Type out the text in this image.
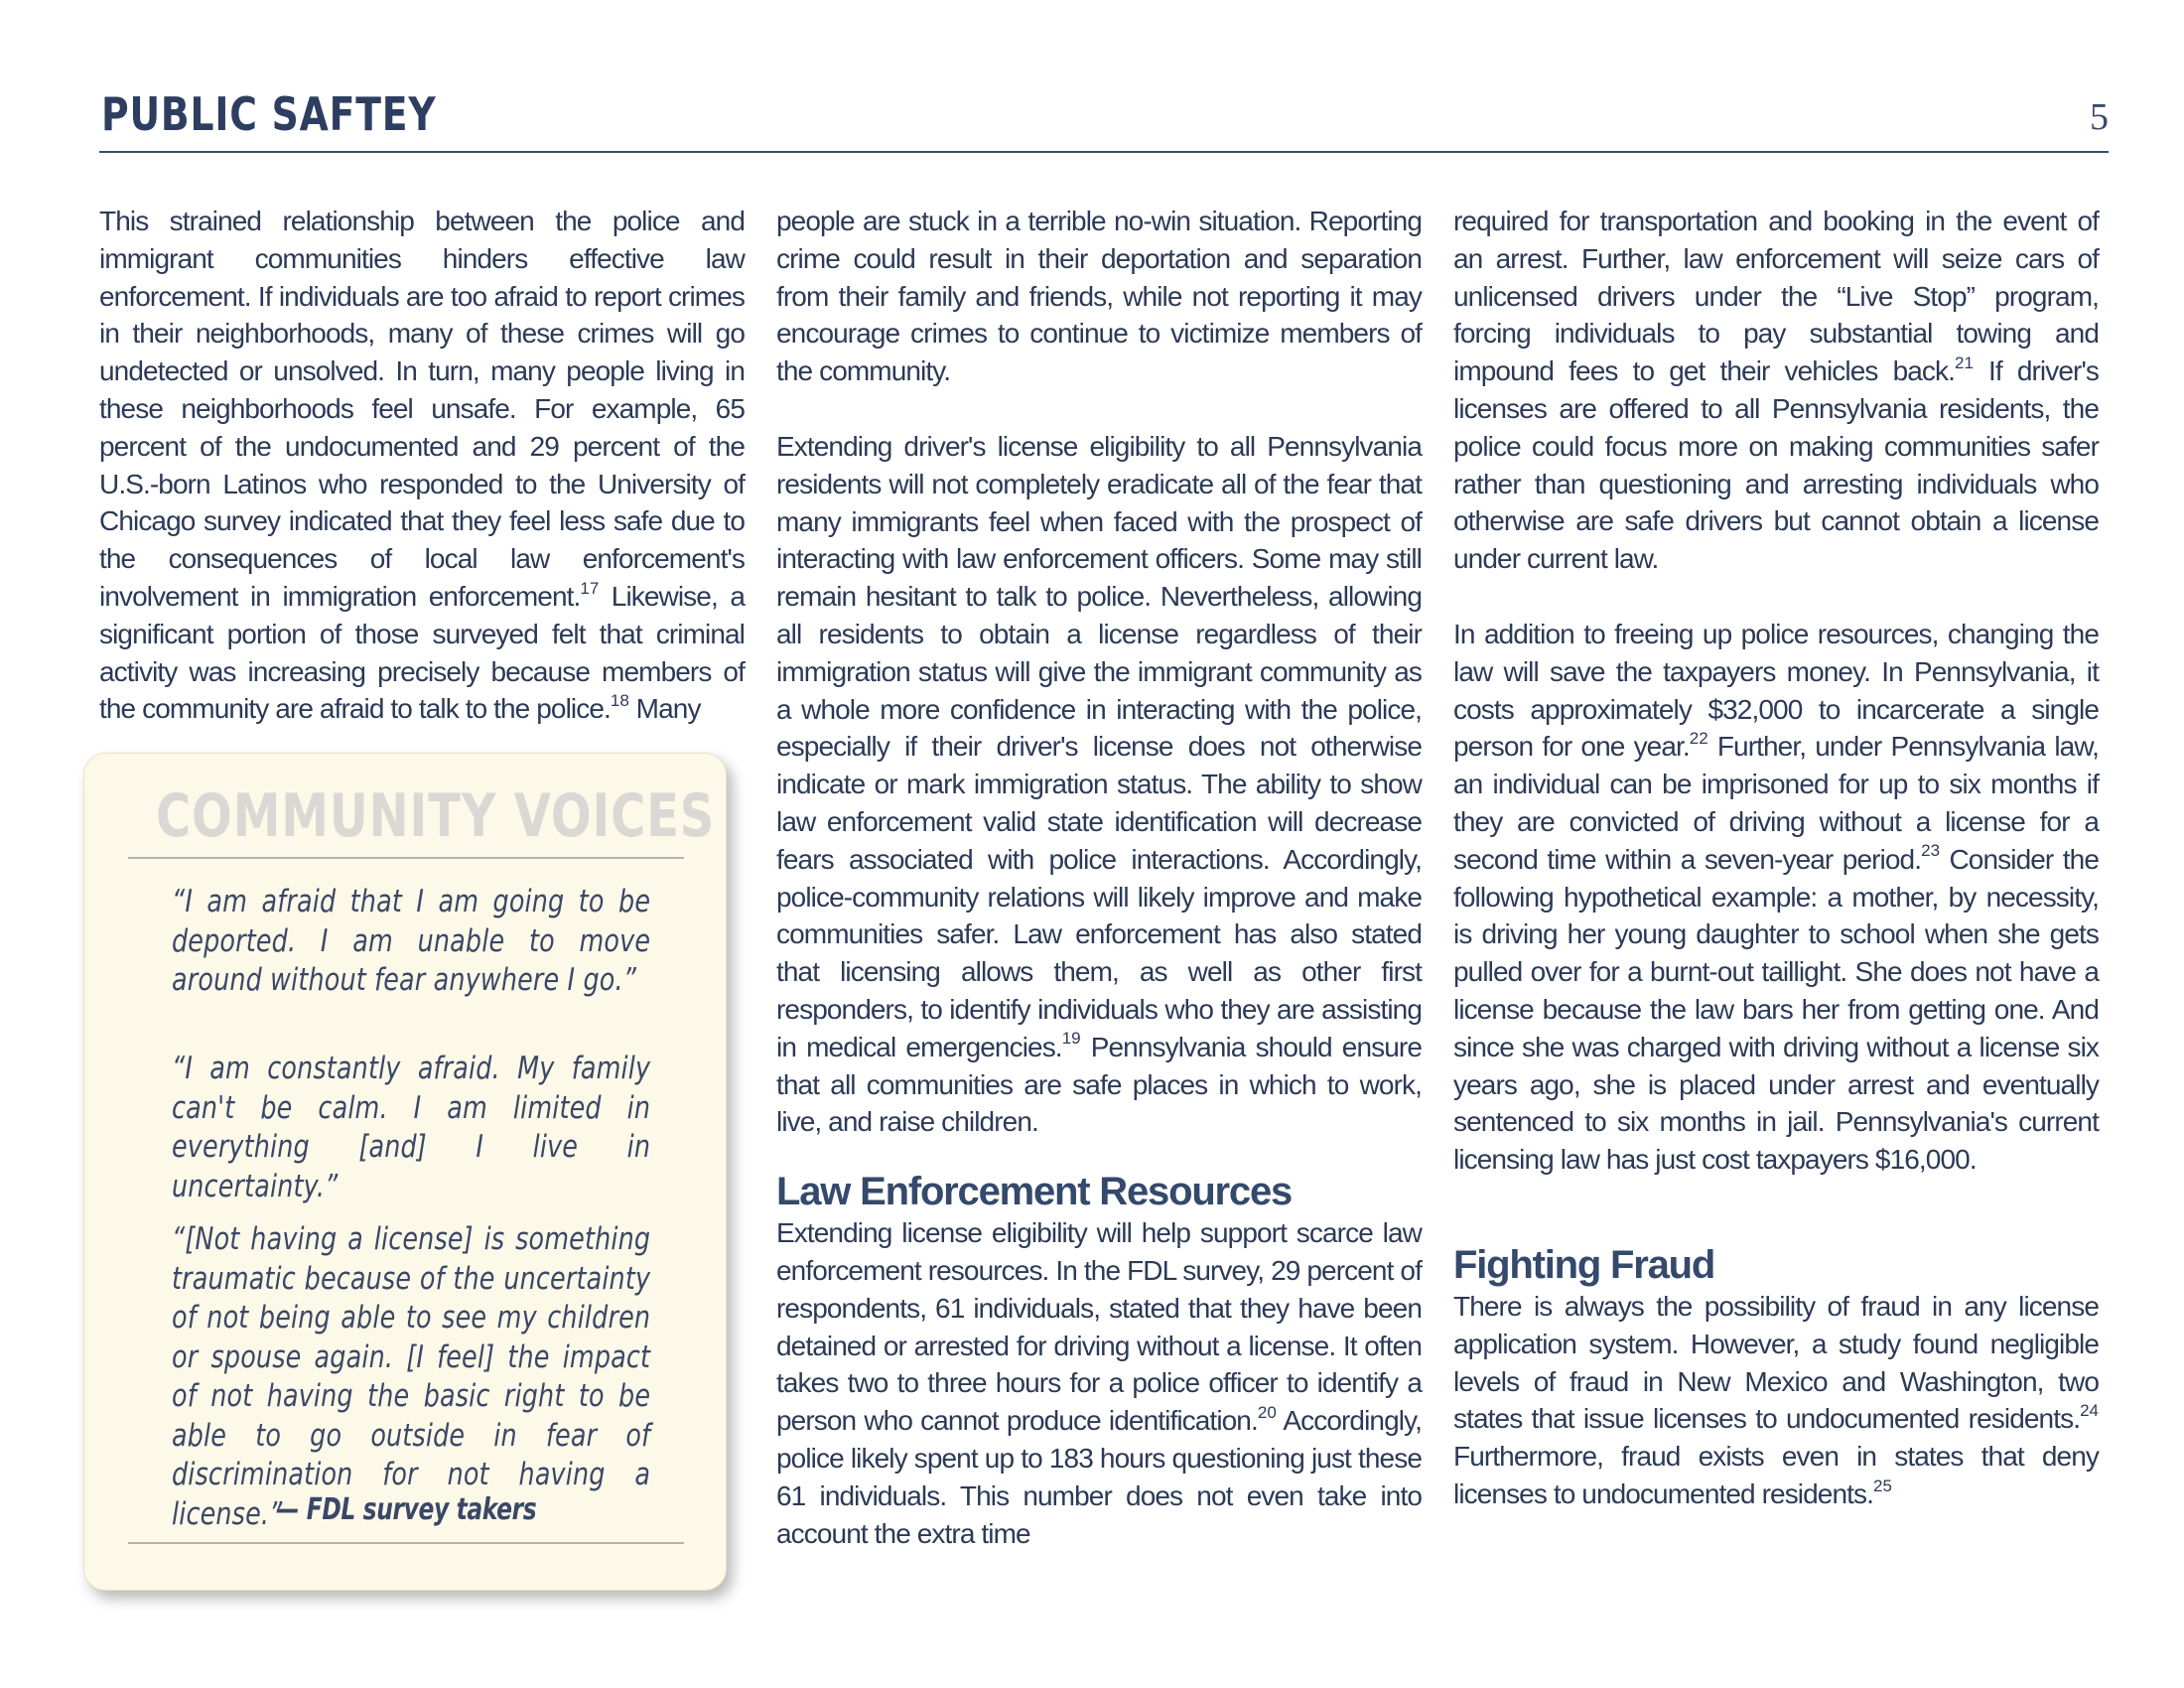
PUBLIC SAFTEY	5

This strained relationship between the police and immigrant communities hinders effective law enforcement. If individuals are too afraid to report crimes in their neighborhoods, many of these crimes will go undetected or unsolved. In turn, many people living in these neighborhoods feel unsafe. For example, 65 percent of the undocumented and 29 percent of the U.S.-born Latinos who responded to the University of Chicago survey indicated that they feel less safe due to the consequences of local law enforcement's involvement in immigration enforcement.$^{17}$ Likewise, a significant portion of those surveyed felt that criminal activity was increasing precisely because members of the community are afraid to talk to the police.$^{18}$ Many

COMMUNITY VOICES
“I am afraid that I am going to be deported. I am unable to move around without fear anywhere I go.”
“I am constantly afraid. My family can't be calm. I am limited in everything [and] I live in uncertainty.”
“[Not having a license] is something traumatic because of the uncertainty of not being able to see my children or spouse again. [I feel] the impact of not having the basic right to be able to go outside in fear of discrimination for not having a license.”
— FDL survey takers

people are stuck in a terrible no-win situation. Reporting crime could result in their deportation and separation from their family and friends, while not reporting it may encourage crimes to continue to victimize members of the community.

Extending driver's license eligibility to all Pennsylvania residents will not completely eradicate all of the fear that many immigrants feel when faced with the prospect of interacting with law enforcement officers. Some may still remain hesitant to talk to police. Nevertheless, allowing all residents to obtain a license regardless of their immigration status will give the immigrant community as a whole more confidence in interacting with the police, especially if their driver's license does not otherwise indicate or mark immigration status. The ability to show law enforcement valid state identification will decrease fears associated with police interactions. Accordingly, police-community relations will likely improve and make communities safer. Law enforcement has also stated that licensing allows them, as well as other first responders, to identify individuals who they are assisting in medical emergencies.$^{19}$ Pennsylvania should ensure that all communities are safe places in which to work, live, and raise children.

Law Enforcement Resources

Extending license eligibility will help support scarce law enforcement resources. In the FDL survey, 29 percent of respondents, 61 individuals, stated that they have been detained or arrested for driving without a license. It often takes two to three hours for a police officer to identify a person who cannot produce identification.$^{20}$ Accordingly, police likely spent up to 183 hours questioning just these 61 individuals. This number does not even take into account the extra time

required for transportation and booking in the event of an arrest. Further, law enforcement will seize cars of unlicensed drivers under the “Live Stop” program, forcing individuals to pay substantial towing and impound fees to get their vehicles back.$^{21}$ If driver's licenses are offered to all Pennsylvania residents, the police could focus more on making communities safer rather than questioning and arresting individuals who otherwise are safe drivers but cannot obtain a license under current law.

In addition to freeing up police resources, changing the law will save the taxpayers money. In Pennsylvania, it costs approximately $32,000 to incarcerate a single person for one year.$^{22}$ Further, under Pennsylvania law, an individual can be imprisoned for up to six months if they are convicted of driving without a license for a second time within a seven-year period.$^{23}$ Consider the following hypothetical example: a mother, by necessity, is driving her young daughter to school when she gets pulled over for a burnt-out taillight. She does not have a license because the law bars her from getting one. And since she was charged with driving without a license six years ago, she is placed under arrest and eventually sentenced to six months in jail. Pennsylvania's current licensing law has just cost taxpayers $16,000.

Fighting Fraud

There is always the possibility of fraud in any license application system. However, a study found negligible levels of fraud in New Mexico and Washington, two states that issue licenses to undocumented residents.$^{24}$ Furthermore, fraud exists even in states that deny licenses to undocumented residents.$^{25}$
